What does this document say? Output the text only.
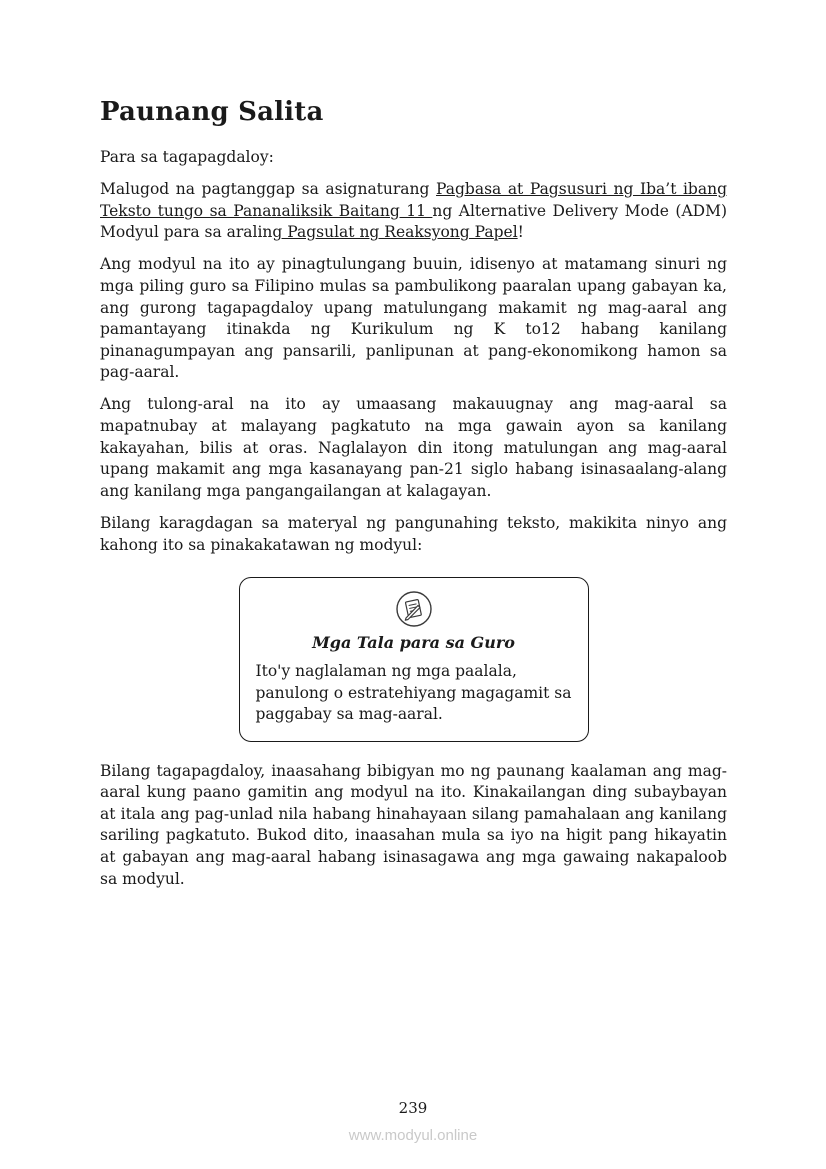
Paunang Salita

Para sa tagapagdaloy:

Malugod na pagtanggap sa asignaturang Pagbasa at Pagsusuri ng Iba’t ibang Teksto tungo sa Pananaliksik Baitang 11 ng Alternative Delivery Mode (ADM) Modyul para sa araling Pagsulat ng Reaksyong Papel!

Ang modyul na ito ay pinagtulungang buuin, idisenyo at matamang sinuri ng mga piling guro sa Filipino mulas sa pambulikong paaralan upang gabayan ka, ang gurong tagapagdaloy upang matulungang makamit ng mag-aaral ang pamantayang itinakda ng Kurikulum ng K to12 habang kanilang pinanagumpayan ang pansarili, panlipunan at pang-ekonomikong hamon sa pag-aaral.

Ang tulong-aral na ito ay umaasang makauugnay ang mag-aaral sa mapatnubay at malayang pagkatuto na mga gawain ayon sa kanilang kakayahan, bilis at oras. Naglalayon din itong matulungan ang mag-aaral upang makamit ang mga kasanayang pan-21 siglo habang isinasaalang-alang ang kanilang mga pangangailangan at kalagayan.

Bilang karagdagan sa materyal ng pangunahing teksto, makikita ninyo ang kahong ito sa pinakakatawan ng modyul:

Mga Tala para sa Guro

Ito'y naglalaman ng mga paalala, panulong o estratehiyang magagamit sa paggabay sa mag-aaral.

Bilang tagapagdaloy, inaasahang bibigyan mo ng paunang kaalaman ang mag-aaral kung paano gamitin ang modyul na ito. Kinakailangan ding subaybayan at itala ang pag-unlad nila habang hinahayaan silang pamahalaan ang kanilang sariling pagkatuto. Bukod dito, inaasahan mula sa iyo na higit pang hikayatin at gabayan ang mag-aaral habang isinasagawa ang mga gawaing nakapaloob sa modyul.

239
www.modyul.online
